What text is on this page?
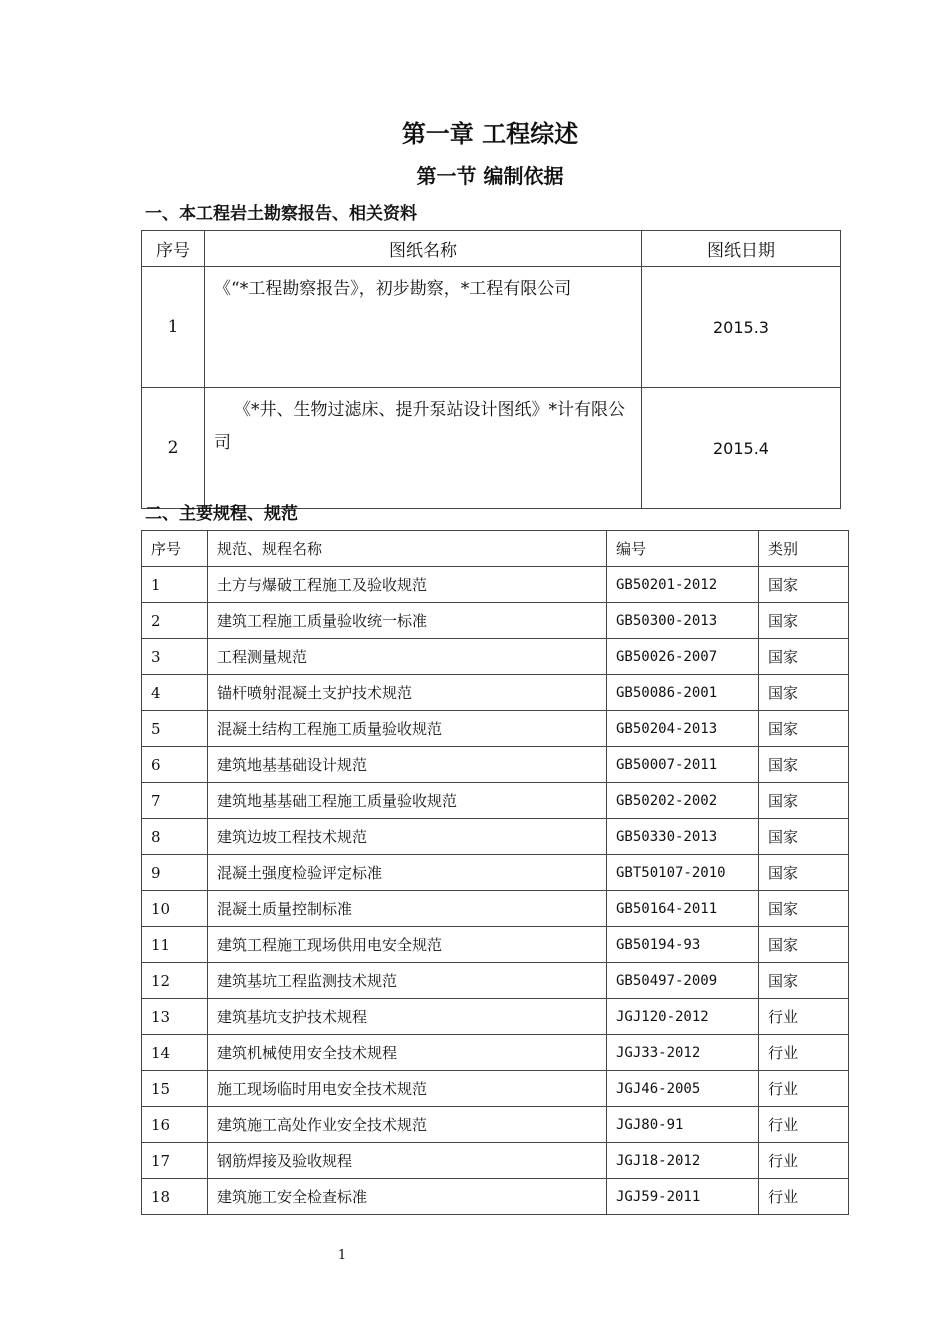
第一章 工程综述
第一节 编制依据
一、本工程岩土勘察报告、相关资料
序号	图纸名称	图纸日期
1	《“*工程勘察报告》，初步勘察，*工程有限公司	2015.3
2	《*井、生物过滤床、提升泵站设计图纸》*计有限公司	2015.4
二、主要规程、规范
序号	规范、规程名称	编号	类别
1	土方与爆破工程施工及验收规范	GB50201-2012	国家
2	建筑工程施工质量验收统一标准	GB50300-2013	国家
3	工程测量规范	GB50026-2007	国家
4	锚杆喷射混凝土支护技术规范	GB50086-2001	国家
5	混凝土结构工程施工质量验收规范	GB50204-2013	国家
6	建筑地基基础设计规范	GB50007-2011	国家
7	建筑地基基础工程施工质量验收规范	GB50202-2002	国家
8	建筑边坡工程技术规范	GB50330-2013	国家
9	混凝土强度检验评定标准	GBT50107-2010	国家
10	混凝土质量控制标准	GB50164-2011	国家
11	建筑工程施工现场供用电安全规范	GB50194-93	国家
12	建筑基坑工程监测技术规范	GB50497-2009	国家
13	建筑基坑支护技术规程	JGJ120-2012	行业
14	建筑机械使用安全技术规程	JGJ33-2012	行业
15	施工现场临时用电安全技术规范	JGJ46-2005	行业
16	建筑施工高处作业安全技术规范	JGJ80-91	行业
17	钢筋焊接及验收规程	JGJ18-2012	行业
18	建筑施工安全检查标准	JGJ59-2011	行业
1
